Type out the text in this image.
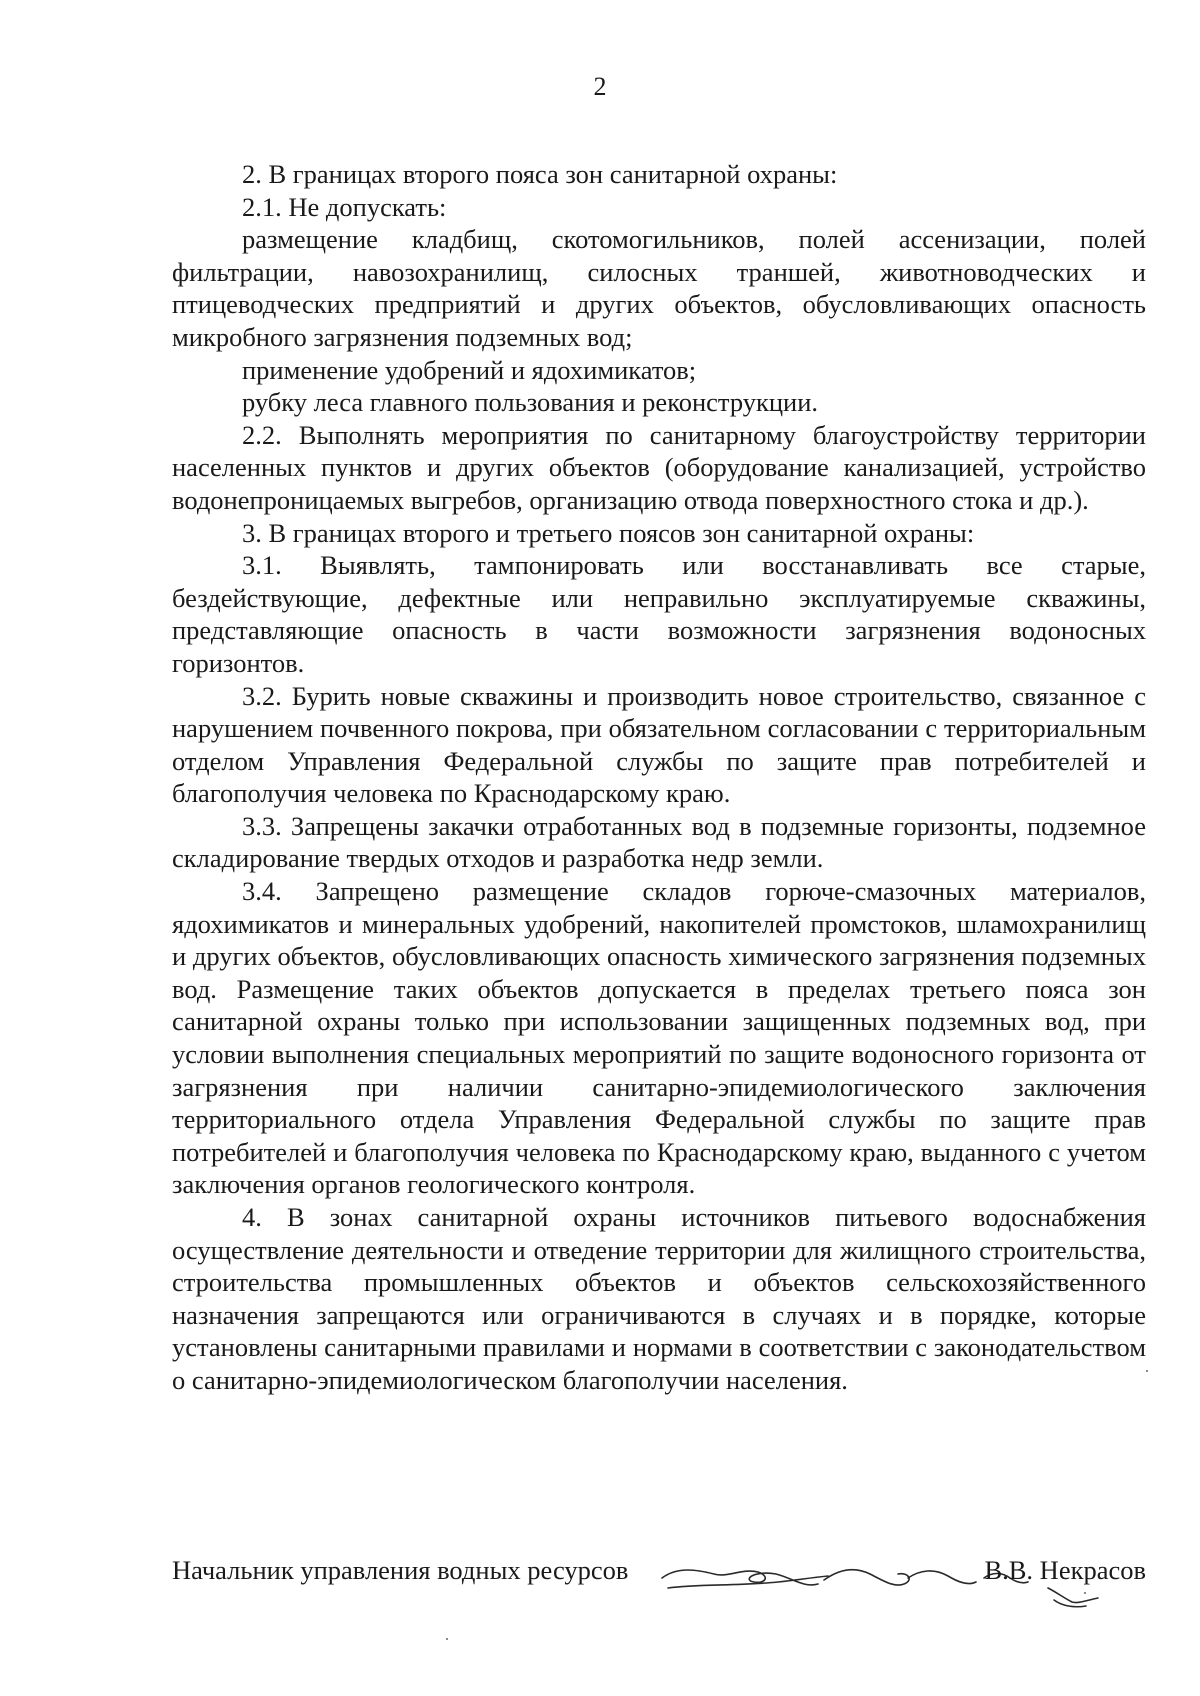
2

2. В границах второго пояса зон санитарной охраны:

2.1. Не допускать:

размещение кладбищ, скотомогильников, полей ассенизации, полей фильтрации, навозохранилищ, силосных траншей, животноводческих и птицеводческих предприятий и других объектов, обусловливающих опасность микробного загрязнения подземных вод;

применение удобрений и ядохимикатов;

рубку леса главного пользования и реконструкции.

2.2. Выполнять мероприятия по санитарному благоустройству территории населенных пунктов и других объектов (оборудование канализацией, устройство водонепроницаемых выгребов, организацию отвода поверхностного стока и др.).

3. В границах второго и третьего поясов зон санитарной охраны:

3.1. Выявлять, тампонировать или восстанавливать все старые, бездействующие, дефектные или неправильно эксплуатируемые скважины, представляющие опасность в части возможности загрязнения водоносных горизонтов.

3.2. Бурить новые скважины и производить новое строительство, связанное с нарушением почвенного покрова, при обязательном согласовании с территориальным отделом Управления Федеральной службы по защите прав потребителей и благополучия человека по Краснодарскому краю.

3.3. Запрещены закачки отработанных вод в подземные горизонты, подземное складирование твердых отходов и разработка недр земли.

3.4. Запрещено размещение складов горюче-смазочных материалов, ядохимикатов и минеральных удобрений, накопителей промстоков, шламохранилищ и других объектов, обусловливающих опасность химического загрязнения подземных вод. Размещение таких объектов допускается в пределах третьего пояса зон санитарной охраны только при использовании защищенных подземных вод, при условии выполнения специальных мероприятий по защите водоносного горизонта от загрязнения при наличии санитарно-эпидемиологического заключения территориального отдела Управления Федеральной службы по защите прав потребителей и благополучия человека по Краснодарскому краю, выданного с учетом заключения органов геологического контроля.

4. В зонах санитарной охраны источников питьевого водоснабжения осуществление деятельности и отведение территории для жилищного строительства, строительства промышленных объектов и объектов сельскохозяйственного назначения запрещаются или ограничиваются в случаях и в порядке, которые установлены санитарными правилами и нормами в соответствии с законодательством о санитарно-эпидемиологическом благополучии населения.

Начальник управления водных ресурсов	В.В. Некрасов
